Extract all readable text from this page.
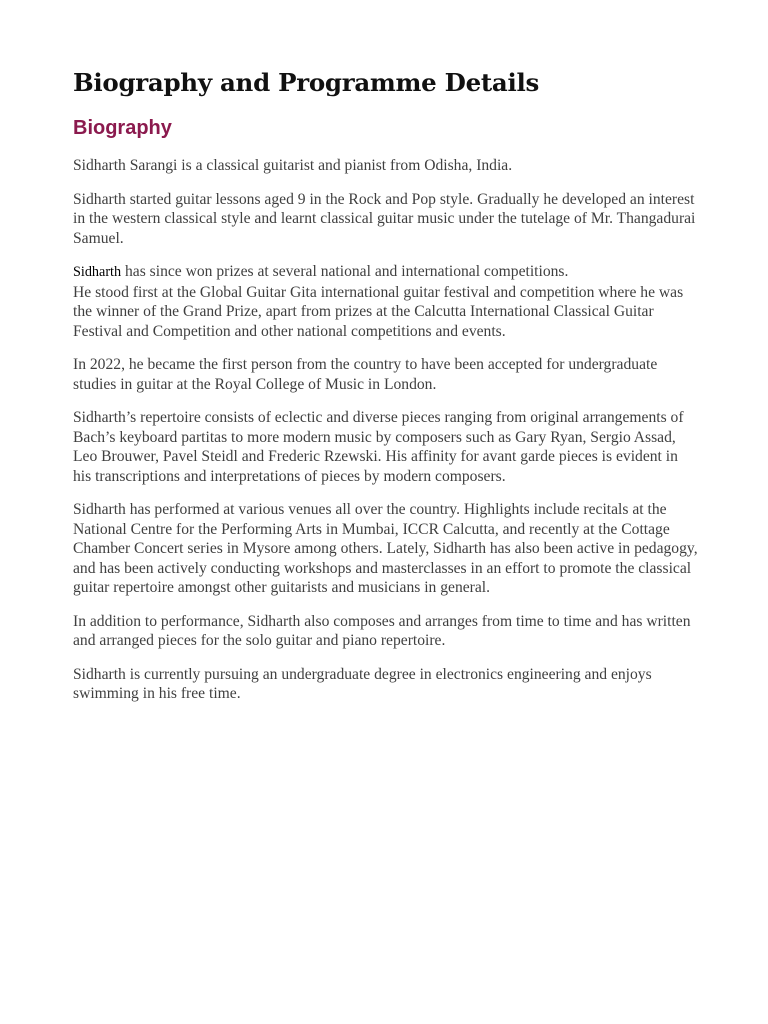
Biography and Programme Details
Biography

Sidharth Sarangi is a classical guitarist and pianist from Odisha, India.

Sidharth started guitar lessons aged 9 in the Rock and Pop style. Gradually he developed an interest in the western classical style and learnt classical guitar music under the tutelage of Mr. Thangadurai Samuel.

Sidharth has since won prizes at several national and international competitions.
He stood first at the Global Guitar Gita international guitar festival and competition where he was the winner of the Grand Prize, apart from prizes at the Calcutta International Classical Guitar Festival and Competition and other national competitions and events.

In 2022, he became the first person from the country to have been accepted for undergraduate studies in guitar at the Royal College of Music in London.

Sidharth’s repertoire consists of eclectic and diverse pieces ranging from original arrangements of Bach’s keyboard partitas to more modern music by composers such as Gary Ryan, Sergio Assad, Leo Brouwer, Pavel Steidl and Frederic Rzewski. His affinity for avant garde pieces is evident in his transcriptions and interpretations of pieces by modern composers.

Sidharth has performed at various venues all over the country. Highlights include recitals at the National Centre for the Performing Arts in Mumbai, ICCR Calcutta, and recently at the Cottage Chamber Concert series in Mysore among others. Lately, Sidharth has also been active in pedagogy, and has been actively conducting workshops and masterclasses in an effort to promote the classical guitar repertoire amongst other guitarists and musicians in general.

In addition to performance, Sidharth also composes and arranges from time to time and has written and arranged pieces for the solo guitar and piano repertoire.

Sidharth is currently pursuing an undergraduate degree in electronics engineering and enjoys swimming in his free time.
